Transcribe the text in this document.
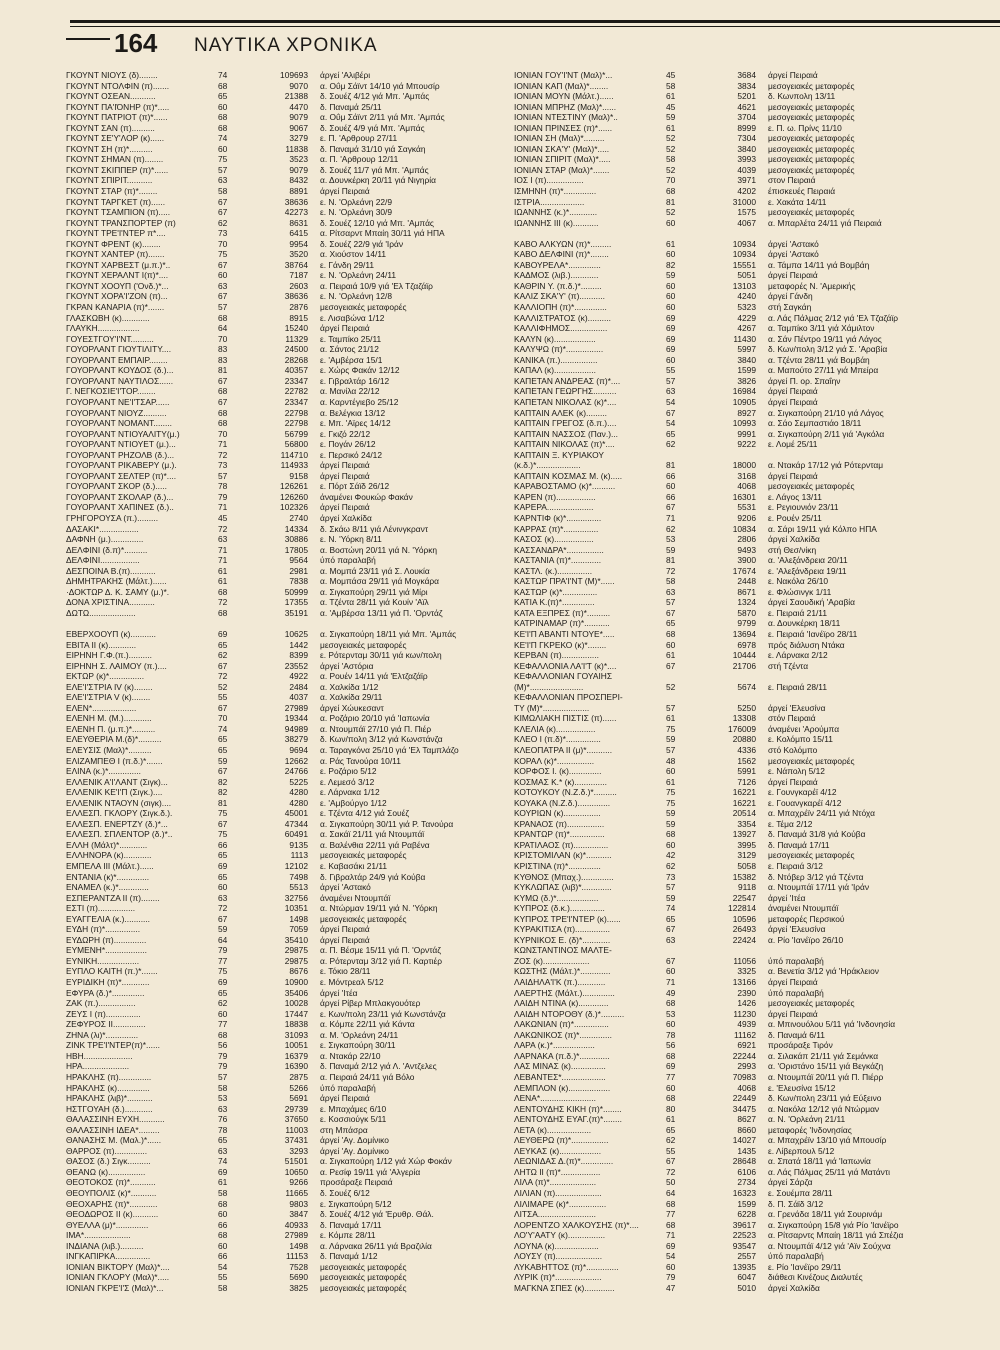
164 ΝΑΥΤΙΚΑ ΧΡΟΝΙΚΑ
ΓΚΟΥΝΤ ΝΙΟΥΣ (δ)........	74	109693	άργεί 'Αλιβέρι
ΓΚΟΥΝΤ ΝΤΟΛΦΙΝ (π).......	68	9070	α. Οΰμ Σάϊντ 14/10 γιά Μπουσίρ
ΓΚΟΥΝΤ ΟΣΕΑΝ...........	65	21388	δ. Σουέζ 4/12 γιά Μπ. 'Αμπάς
ΓΚΟΥΝΤ ΠΑ'ΙΌΝΗΡ (π)*.....	60	4470	δ. Παναμά 25/11
ΓΚΟΥΝΤ ΠΑΤΡΙΟΤ (π)*......	68	9079	α. Οΰμ Σάϊντ 2/11 γιά Μπ. 'Αμπάς
ΓΚΟΥΝΤ ΣΑΝ (π)..........	68	9067	δ. Σουέζ 4/9 γιά Μπ. 'Αμπάς
ΓΚΟΥΝΤ ΣΕ'Υ'ΛΟΡ (κ)......	74	3279	ε. Π. 'Αρθρουρ 27/11
ΓΚΟΥΝΤ ΣΗ (π)*..........	60	11838	δ. Παναμά 31/10 γιά Σαγκάη
ΓΚΟΥΝΤ ΣΗΜΑΝ (π)........	75	3523	α. Π. 'Αρθρουρ 12/11
ΓΚΟΥΝΤ ΣΚΙΠΠΕΡ (π)*......	57	9079	δ. Σουέζ 11/7 γιά Μπ. 'Αμπάς
ΓΚΟΥΝΤ ΣΠΙΡΙΤ...........	63	8432	α. Δουνκέρκη 20/11 γιά Νιγηρία
ΓΚΟΥΝΤ ΣΤΑΡ (π)*........	58	8891	άργεί Πειραιά
ΓΚΟΥΝΤ ΤΑΡΓΚΕΤ (π)......	67	38636	ε. Ν. 'Ορλεάνη 22/9
ΓΚΟΥΝΤ ΤΣΑΜΠΙΟΝ (π).....	67	42273	ε. Ν. 'Ορλεάνη 30/9
ΓΚΟΥΝΤ ΤΡΑΝΣΠΟΡΤΕΡ (π)	62	8631	δ. Σουέζ 12/10 γιά Μπ. 'Αμπάς
ΓΚΟΥΝΤ ΤΡΕ'Ι'ΝΤΕΡ π*....	73	6415	α. Ρίτσαρντ Μπαίη 30/11 γιά ΗΠΑ
ΓΚΟΥΝΤ ΦΡΕΝΤ (κ)........	70	9954	δ. Σουέζ 22/9 γιά 'Ιράν
ΓΚΟΥΝΤ ΧΑΝΤΕΡ (π).......	75	3520	α. Χιούστον 14/11
ΓΚΟΥΝΤ ΧΑΡΒΕΣΤ (μ.π.)*..	67	38764	ε. Γάνδη 29/11
ΓΚΟΥΝΤ ΧΕΡΑΛΝΤ Ι(π)*....	60	7187	ε. Ν. 'Ορλεάνη 24/11
ΓΚΟΥΝΤ ΧΟΟΥΠ ('Ονδ.)*...	63	2603	α. Πειραιά 10/9 γιά 'Ελ Τζαζάϊρ
ΓΚΟΥΝΤ ΧΟΡΑ'Ι'ΖΟΝ (π)...	67	38636	ε. Ν. 'Ορλεάνη 12/8
ΓΚΡΑΝ ΚΑΝΑΡΙΑ (π)*.......	57	2876	μεσογειακές μεταφορές
ΓΛΑΣΚΩΒΗ (κ)............	68	8915	ε. Λισαβώνα 1/12
ΓΛΑΥΚΗ..................	64	15240	άργεί Πειραιά
ΓΟΥΕΣΤΓΟΥ'Ι'ΝΤ..........	70	11329	ε. Ταμπίκο 25/11
ΓΟΥΟΡΛΑΝΤ ΓΙΟΥΤΙΛΙΤΥ....	83	24500	α. Σάντος 21/12
ΓΟΥΟΡΛΑΝΤ ΕΜΠΑΙΡ........	83	28268	ε. 'Αμβέρσα 15/1
ΓΟΥΟΡΛΑΝΤ ΚΟΥΔΟΣ (δ.)...	81	40357	ε. Χώρς Φακάν 12/12
ΓΟΥΟΡΛΑΝΤ ΝΑΥΤΙΛΟΣ......	67	23347	ε. Γιβραλτάρ 16/12
Γ. ΝΕΓΚΟΣΙΕ'Ι'ΤΟΡ........	68	22782	α. Μανίλα 22/12
ΓΟΥΟΡΛΑΝΤ ΝΕ'Ι'ΤΣΑΡ......	67	23347	α. Καρντέγιεβο 25/12
ΓΟΥΟΡΛΑΝΤ ΝΙΟΥΖ..........	68	22798	α. Βελέγκια 13/12
ΓΟΥΟΡΛΑΝΤ ΝΟΜΑΝΤ........	68	22798	ε. Μπ. 'Αϊρες 14/12
ΓΟΥΟΡΛΑΝΤ ΝΤΙΟΥΑΛΙΤΥ(μ.)	70	56799	ε. Γκιζό 22/12
ΓΟΥΟΡΛΑΝΤ ΝΤΙΟΥΕΤ (μ.)...	71	56800	ε. Πογάν 26/12
ΓΟΥΟΡΛΑΝΤ ΡΗΖΟΛΒ (δ.)...	72	114710	ε. Περσικό 24/12
ΓΟΥΟΡΛΑΝΤ ΡΙΚΑΒΕΡΥ (μ.).	73	114933	άργεί Πειραιά
ΓΟΥΟΡΛΑΝΤ ΣΕΛΤΕΡ (π)*....	57	9158	άργεί Πειραιά
ΓΟΥΟΡΛΑΝΤ ΣΚΟΡ (δ.).....	78	126261	ε. Πόρτ Σάϊδ 26/12
ΓΟΥΟΡΛΑΝΤ ΣΚΟΛΑΡ (δ.)...	79	126260	άναμένει Φουκώρ Φακάν
ΓΟΥΟΡΛΑΝΤ ΧΑΠΙΝΕΣ (δ.)..	71	102326	άργεί Πειραιά
ΓΡΗΓΟΡΟΥΣΑ (π.).........	45	2740	άργεί Χαλκίδα
ΔΑΣΑΚΙ*.................	72	14334	δ. Σκάω 8/11 γιά Λένινγκραντ
ΔΑΦΝΗ (μ.)..............	63	30886	ε. Ν. 'Υόρκη 8/11
ΔΕΛΦΙΝΙ (δ.π)*..........	71	17805	α. Βοστώνη 20/11 γιά Ν. 'Υόρκη
ΔΕΛΦΙΝΙ.................	71	9564	ύπό παραλαβή
ΔΕΣΠΟΙΝΑ Β.(π)...........	61	2981	α. Μομπά 23/11 γιά Σ. Λουκία
ΔΗΜΗΤΡΑΚΗΣ (Μάλτ.)......	61	7838	α. Μομπάσα 29/11 γιά Μογκάρα
·ΔΟΚΤΩΡ Δ. Κ. ΣΑΜΥ (μ.)*.	68	50999	α. Σιγκαπούρη 29/11 γιά Μίρι
ΔΟΝΑ ΧΡΙΣΤΙΝΑ...........	72	17355	α. Τζέντα 28/11 γιά Κουίν 'Αϊλ
ΔΩΤΩ....................	68	35191	α. 'Αμβέρσα 13/11 γιά Π. 'Ορντάζ
ΕΒΕΡΧΟΟΥΠ (κ)...........	69	10625	α. Σιγκαπούρη 18/11 γιά Μπ. 'Αμπάς
ΕΒΙΤΑ ΙΙ (κ)............	65	1442	μεσογειακές μεταφορές
ΕΙΡΗΝΗ Γ.Φ.(π.)..........	62	8399	ε. Ρότερνταμ 30/11 γιά κων/πολη
ΕΙΡΗΝΗ Σ. ΛΑΙΜΟΥ (π.)....	67	23552	άργεί 'Αστόρια
ΕΚΤΩΡ (κ)*...............	72	4922	α. Ρουέν 14/11 γιά 'Ελτζαζάϊρ
ΕΛΕ'Ι'ΣΤΡΙΑ IV (κ)........	52	2484	α. Χαλκίδα 1/12
ΕΛΕ'Ι'ΣΤΡΙΑ V (κ)........	55	4037	α. Χαλκίδα 29/11
ΕΛΕΝ*...................	67	27989	άργεί Χώυκεσαντ
ΕΛΕΝΗ Μ. (Μ.)............	70	19344	α. Ροζάριο 20/10 γιά 'Ιαπωνία
ΕΛΕΝΗ Π. (μ.π.)*..........	74	94989	α. Ντουμπάϊ 27/10 γιά Π. Πιέρ
ΕΛΕΥΘΕΡΙΑ Μ.(δ)*..........	65	38279	δ. Κων/πολη 3/12 γιά Κωνστάνζα
ΕΛΕΥΣΙΣ (Μαλ)*..........	65	9694	α. Ταραγκόνα 25/10 γιά 'Ελ Ταμπλάζο
ΕΛΙΖΑΜΠΕΘ Ι (π.δ.)*.......	59	12662	α. Ράς Τανούρα 10/11
ΕΛΙΝΑ (κ.)*..............	67	24766	ε. Ροζάριο 5/12
ΕΛΛΕΝΙΚ Α'Ι'ΛΑΝΤ (Σιγκ)...	82	5225	ε. Λεμεσό 3/12
ΕΛΛΕΝΙΚ ΚΕ'Ι'Π (Σιγκ.)....	82	4280	ε. Λάρνακα 1/12
ΕΛΛΕΝΙΚ ΝΤΑΟΥΝ (σιγκ)....	81	4280	ε. 'Αμβούργο 1/12
ΕΛΛΕΣΠ. ΓΚΛΟΡΥ (Σιγκ.δ.).	75	45001	ε. Τζέντα 4/12 γιά Σουέζ
ΕΛΛΕΣΠ. ΕΝΕΡΤΖΥ (δ.)*...	67	47344	α. Σιγκαπούρη 30/11 γιά Ρ. Τανούρα
ΕΛΛΕΣΠ. ΣΠΛΕΝΤΟΡ (δ.)*..	75	60491	α. Σακάϊ 21/11 γιά Ντουμπάϊ
ΕΛΛΗ (Μάλτ)*............	66	9135	α. Βαλένθια 22/11 γιά Ραβένα
ΕΛΛΗΝΟΡΑ (κ)............	65	1113	μεσογειακές μεταφορές
ΕΜΠΕΛΑ III (Μάλτ.)......	69	12102	ε. Καβασάκι 21/11
ΕΝΤΑΝΙΑ (κ)*..............	65	7498	δ. Γιβραλτάρ 24/9 γιά Κούβα
ΕΝΑΜΕΛ (κ.)*.............	60	5513	άργεί 'Αστακό
ΕΣΠΕΡΑΝΤΖΑ ΙΙ (π)........	63	32756	άναμένει Ντουμπάϊ
ΕΣΤΙ (π)................	72	10351	α. Ντώρμαν 19/11 γιά Ν. 'Υόρκη
ΕΥΑΓΓΕΛΙΑ (κ.)...........	67	1498	μεσογειακές μεταφορές
ΕΥΔΗ (π)*...............	59	7059	άργεί Πειραιά
ΕΥΔΩΡΗ (π)..............	64	35410	άργεί Πειραιά
ΕΥΜΕΝΗ*..................	79	29875	α. Π. Βέσμε 15/11 γιά Π. 'Ορντάζ
ΕΥΝΙΚΗ..................	77	29875	α. Ρότερνταμ 3/12 γιά Π. Καρτιέρ
ΕΥΠΛΟ ΚΑΙΤΗ (π.)*.......	75	8676	ε. Τόκιο 28/11
ΕΥΡΙΔΙΚΗ (π)*............	69	10900	ε. Μόντρεαλ 5/12
ΕΦΥΡΑ (δ.)*..............	65	35406	άργεί 'Ιτέα
ΖΑΚ (π.)................	62	10028	άργεί Ρίβερ Μπλακγουότερ
ΖΕΥΣ Ι (π)...............	60	17447	ε. Κων/πολη 23/11 γιά Κωνστάνζα
ΖΕΦΥΡΟΣ ΙΙ..............	77	18838	α. Κόμπε 22/11 γιά Κάντα
ΖΗΝΑ (λι)*..............	68	31093	α. Μ. 'Ορλεάνη 24/11
ΖΙΝΚ ΤΡΕ'Ι'ΝΤΕΡ(π)*......	56	10051	ε. Σιγκαπούρη 30/11
ΗΒΗ.....................	79	16379	α. Ντακάρ 22/10
ΗΡΑ....................	79	16390	δ. Παναμά 2/12 γιά Λ. 'Αντζελες
ΗΡΑΚΛΗΣ (π)..............	57	2875	α. Πειραιά 24/11 γιά Βόλο
ΗΡΑΚΛΗΣ (κ)..............	58	5266	ύπό παραλαβή
ΗΡΑΚΛΗΣ (λιβ)*...........	53	5691	άργεί Πειραιά
ΗΣΤΓΟΥΑΗ (δ.)............	63	29739	ε. Μπαχάμες 6/10
ΘΑΛΑΣΣΙΝΗ ΕΥΧΗ...........	76	37650	ε. Κοσσιούγκ 5/11
ΘΑΛΑΣΣΙΝΗ ΙΔΕΑ*.........	78	11003	στη Μπάσρα
ΘΑΝΑΣΗΣ Μ. (Μαλ.)*......	65	37431	άργεί 'Αγ. Δομίνικο
ΘΑΡΡΟΣ (π)..............	63	3293	άργεί 'Αγ. Δομίνικο
ΘΑΣΟΣ (δ.) Σιγκ..........	74	51501	α. Σιγκαπούρη 1/12 γιά Χώρ Φοκάν
ΘΕΑΝΩ (κ)................	69	10650	α. Ρεσίφ 19/11 γιά 'Αλγερία
ΘΕΟΤΟΚΟΣ (π)*...........	61	9266	προσάραξε Πειραιά
ΘΕΟΥΠΟΛΙΣ (κ)*...........	58	11665	δ. Σουέζ 6/12
ΘΕΟΧΑΡΗΣ (π)*............	68	9803	ε. Σιγκαπούρη 5/12
ΘΕΟΔΩΡΟΣ ΙΙ (κ)...........	60	3847	δ. Σουέζ 4/12 γιά 'Ερυθρ. Θάλ.
ΘΥΕΛΛΑ (μ)*..............	66	40933	δ. Παναμά 17/11
ΙΜΑ*....................	68	27989	ε. Κόμπε 28/11
ΙΝΔΙΑΝΑ (λιβ.)..........	60	1498	α. Λάρνακα 26/11 γιά Βραζιλία
ΙΝΓΚΑΠΙΡΚΑ...............	66	11153	δ. Παναμά 1/12
ΙΟΝΙΑΝ ΒΙΚΤΟΡΥ (Μαλ)*....	54	7528	μεσογειακές μεταφορές
ΙΟΝΙΑΝ ΓΚΛΟΡΥ (Μαλ)*.....	55	5690	μεσογειακές μεταφορές
ΙΟΝΙΑΝ ΓΚΡΕ'Ι'Σ (Μαλ)*...	58	3825	μεσογειακές μεταφορές
ΙΟΝΙΑΝ ΓΟΥ'Ι'ΝΤ (Μαλ)*...	45	3684	άργεί Πειραιά
ΙΟΝΙΑΝ ΚΑΠ (Μαλ)*........	58	3834	μεσογειακές μεταφορές
ΙΟΝΙΑΝ ΜΟΥΝ (Μάλτ.)......	61	5201	δ. Κωνπολη 13/11
ΙΟΝΙΑΝ ΜΠΡΗΖ (Μαλ)*......	45	4621	μεσογειακές μεταφορές
ΙΟΝΙΑΝ ΝΤΕΣΤΙΝΥ (Μαλ)*..	59	3704	μεσογειακές μεταφορές
ΙΟΝΙΑΝ ΠΡΙΝΣΕΣ (π)*......	61	8999	ε. Π. ω. Πρίνς 11/10
ΙΟΝΙΑΝ ΣΗ (Μαλ)*.........	52	7304	μεσογειακές μεταφορές
ΙΟΝΙΑΝ ΣΚΑ'Υ' (Μαλ)*.....	52	3840	μεσογειακές μεταφορές
ΙΟΝΙΑΝ ΣΠΙΡΙΤ (Μαλ)*.....	58	3993	μεσογειακές μεταφορές
ΙΟΝΙΑΝ ΣΤΑΡ (Μαλ)*.......	52	4039	μεσογειακές μεταφορές
ΙΟΣ Ι (π)................	70	3971	στον Πειραιά
ΙΣΜΗΝΗ (π)*..............	68	4202	έπισκευές Πειραιά
ΙΣΤΡΙΑ...................	81	31000	ε. Χακάτα 14/11
ΙΩΑΝΝΗΣ (κ.)*............	52	1575	μεσογειακές μεταφορές
ΙΩΑΝΝΗΣ ΙΙΙ (κ)...........	60	4067	α. Μπαρλέτα 24/11 γιά Πειραιά
ΚΑΒΟ ΑΛΚΥΩΝ (π)*.........	61	10934	άργεί 'Αστακό
ΚΑΒΟ ΔΕΛΦΙΝΙ (π)*........	60	10934	άργεί 'Αστακό
ΚΑΒΟΥΡΕΛΑ*..............	82	15551	α. Τάμπα 14/11 γιά Βομβάη
ΚΑΔΜΟΣ (λιβ.)............	59	5051	άργεί Πειραιά
ΚΑΘΡΙΝ Υ. (π.δ.)*.........	60	13103	μεταφορές Ν. 'Αμερικής
ΚΑΛΙΖ ΣΚΑ'Υ' (π)...........	60	4240	άργεί Γάνδη
ΚΑΛΛΙΟΠΗ (π)*..............	60	5323	στή Σαγκάη
ΚΑΛΛΙΣΤΡΑΤΟΣ (κ)..........	69	4229	α. Λάς Πάλμας 2/12 γιά 'Ελ Τζαζάϊρ
ΚΑΛΛΙΦΗΜΟΣ................	69	4267	α. Ταμπίκο 3/11 γιά Χάμιλτον
ΚΑΛΥΝ (κ)..................	69	11430	α. Σάν Πέντρο 19/11 γιά Λάγος
ΚΑΛΥΨΩ (π)*................	69	5997	δ. Κων/πολη 3/12 γιά Σ. 'Αραβία
ΚΑΝΙΚΑ (π.)................	60	3840	α. Τζέντα 28/11 γιά Βομβάη
ΚΑΠΑΛ (κ)..................	55	1599	α. Μαπούτο 27/11 γιά Μπείρα
ΚΑΠΕΤΑΝ ΑΝΔΡΕΑΣ (π)*....	57	3826	άργεί Π. ορ. Σπαΐην
ΚΑΠΕΤΑΝ ΓΕΩΡΓΗΣ..........	63	16984	άργεί Πειραιά
ΚΑΠΕΤΑΝ ΝΙΚΟΛΑΣ (κ)*....	54	10905	άργεί Πειραιά
ΚΑΠΤΑΙΝ ΑΛΕΚ (κ).........	67	8927	α. Σιγκαπούρη 21/10 γιά Λάγος
ΚΑΠΤΑΙΝ ΓΡΕΓΟΣ (δ.π.)....	54	10993	α. Σάο Σεμπαστιάο 18/11
ΚΑΠΤΑΙΝ ΝΑΣΣΟΣ (Παν.)...	65	9991	α. Σιγκαπούρη 2/11 γιά 'Αγκόλα
ΚΑΠΤΑΙΝ ΝΙΚΟΛΑΣ (π)*....	62	9222	ε. Λομέ 25/11
ΚΑΠΤΑΙΝ Ξ. ΚΥΡΙΑΚΟΥ
(κ.δ.)*...................	81	18000	α. Ντακάρ 17/12 γιά Ρότερνταμ
ΚΑΠΤΑΙΝ ΚΟΣΜΑΣ Μ. (κ).....	66	3168	άργεί Πειραιά
ΚΑΡΑΒΟΣΤΑΜΟ (κ)*..........	60	4068	μεσογειακές μεταφορές
ΚΑΡΕΝ (π).................	66	16301	ε. Λάγος 13/11
ΚΑΡΕΡΑ....................	67	5531	ε. Ρεγιουνιόν 23/11
ΚΑΡΝΤΙΦ (κ)*...............	71	9206	ε. Ρουέν 25/11
ΚΑΡΡΑΣ (π)*...............	62	10834	α. Σάρι 19/11 γιά Κόλπο ΗΠΑ
ΚΑΣΟΣ (κ).................	53	2806	άργεί Χαλκίδα
ΚΑΣΣΑΝΔΡΑ*................	59	9493	στή Θεσ/νίκη
ΚΑΣΤΑΝΙΑ (π)*.............	81	3900	α. 'Αλεξάνδρεια 20/11
ΚΑΣΤΛ. (κ.)...............	72	17674	ε. 'Αλεξάνδρεια 19/11
ΚΑΣΤΩΡ ΠΡΑ'Ι'ΝΤ (Μ)*......	58	2448	ε. Νακόλα 26/10
ΚΑΣΤΩΡ (κ)*...............	63	8671	ε. Φλώσινγκ 1/11
ΚΑΤΙΑ Κ.(π)*..............	57	1324	άργεί Σαουδική 'Αραβία
ΚΑΤΑ ΕΞΠΡΕΣ (π)*..........	67	5870	ε. Πειραιά 21/11
ΚΑΤΡΙΝΑΜΑΡ (π)*...........	65	9799	α. Δουνκέρκη 18/11
ΚΕ'Ι'Π ΑΒΑΝΤΙ ΝΤΟΥΕ*.....	68	13694	ε. Πειραιά 'Ιανέϊρο 28/11
ΚΕ'Ι'Π ΓΚΡΕΚΟ (κ)*........	60	6978	πρός διάλυση Ντάκα
ΚΕΡΒΑΝ (π)................	61	10444	ε. Λάρνακα 2/12
ΚΕΦΑΛΛΟΝΙΑ ΛΑ'Ι'Τ (κ)*....	67	21706	στή Τζέντα
ΚΕΦΑΛΛΟΝΙΑΝ ΓΟΥΑΙΗΣ
(Μ)*.......................	52	5674	ε. Πειραιά 28/11
ΚΕΦΑΛΛΟΝΙΑΝ ΠΡΟΣΠΕΡΙ-
ΤΥ (Μ)*....................	57	5250	άργεί 'Ελευσίνα
ΚΙΜΩΛΙΑΚΗ ΠΙΣΤΙΣ (π)......	61	13308	στόν Πειραιά
ΚΛΕΛΙΑ (κ).................	75	176009	άναμένει 'Αρούμπα
ΚΛΕΟ Ι (π.δ)*...............	59	20880	ε. Κολόμπο 15/11
ΚΛΕΟΠΑΤΡΑ ΙΙ (μ)*...........	57	4336	στό Κολόμπο
ΚΟΡΑΛ (κ)*................	48	1562	μεσογειακές μεταφορές
ΚΟΡΦΟΣ Ι. (κ)..............	60	5991	ε. Νάπολη 5/12
ΚΟΣΜΑΣ Κ.* (κ)..............	61	7126	άργεί Πειραιά
ΚΟΤΟΥΚΟΥ (Ν.Ζ.δ.)*..........	75	16221	ε. Γουνγκαρέϊ 4/12
ΚΟΥΑΚΑ (Ν.Ζ.δ.)..............	75	16221	ε. Γουανγκαρέϊ 4/12
ΚΟΥΡΙΩΝ (κ)................	59	20514	α. Μπαχρέϊν 24/11 γιά Ντόχα
ΚΡΑΝΑΟΣ (π)................	59	3354	ε. Τέμα 2/12
ΚΡΑΝΤΩΡ (π)*...............	68	13927	δ. Παναμά 31/8 γιά Κούβα
ΚΡΑΤΙΛΑΟΣ (π)...............	60	3995	δ. Παναμά 17/11
ΚΡΙΣΤΟΜΙΛΑΝ (κ)*...........	42	3129	μεσογειακές μεταφορές
ΚΡΙΣΤΙΝΑ (π)*..............	62	5058	ε. Πειραιά 3/12
ΚΥΘΝΟΣ (Μπαχ.)..............	73	15382	δ. Ντόβερ 3/12 γιά Τζέντα
ΚΥΚΛΩΠΑΣ (λιβ)*.............	57	9118	α. Ντουμπάϊ 17/11 γιά 'Ιράν
ΚΥΜΩ (δ.)*..................	59	22547	άργεί 'Ιτέα
ΚΥΠΡΟΣ (δ.κ.)...............	74	122814	άναμένει Ντουμπάϊ
ΚΥΠΡΟΣ ΤΡΕ'Ι'ΝΤΕΡ (κ)......	65	10596	μεταφορές Περσικού
ΚΥΡΑΚΙΤΙΣΑ (π)...............	67	26493	άργεί 'Ελευσίνα
ΚΥΡΝΙΚΟΣ Ε. (δ)*............	63	22424	α. Ρίο 'Ιανέϊρο 26/10
ΚΩΝΣΤΑΝΤΙΝΟΣ ΜΑΛΤΕ-
ΖΟΣ (κ)....................	67	11056	ύπό παραλαβή
ΚΩΣΤΗΣ (Μάλτ.)*.............	60	3325	α. Βενετία 3/12 γιά 'Ηράκλειον
ΛΑΙΔΗΛΑ'Ι'Κ (π.)............	71	13166	άργεί Πειραιά
ΛΑΕΡΤΗΣ (Μάλτ.)..............	49	2390	ύπό παραλαβή
ΛΑΙΔΗ ΝΤΙΝΑ (κ).............	68	1426	μεσογειακές μεταφορές
ΛΑΙΔΗ ΝΤΟΡΟΘΥ (δ.)*..........	53	11230	άργεί Πειραιά
ΛΑΚΩΝΙΑΝ (π)*...............	60	4939	α. Μπινουόλου 5/11 γιά 'Ινδονησία
ΛΑΚΩΝΙΚΟΣ (π)*..............	78	11162	δ. Παναμά 6/11
ΛΑΡΑ (κ.)*..................	56	6921	προσάραξε Τιρόν
ΛΑΡΝΑΚΑ (π.δ.)*.............	68	22244	α. Σιλακάπ 21/11 γιά Σεμάνκα
ΛΑΣ ΜΙΝΑΣ (κ)...............	69	2993	α. 'Οριστάνο 15/11 γιά Βεγκάζη
ΛΕΒΑΝΤΕΣ*...................	77	70983	α. Ντουμπάϊ 20/11 γιά Π. Πιέρρ
ΛΕΜΠΛΟΝ (κ)..................	60	4068	ε. 'Ελευσίνα 15/12
ΛΕΝΑ*........................	68	22449	δ. Κων/πολη 23/11 γιά Εύξεινο
ΛΕΝΤΟΥΔΗΣ ΚΙΚΗ (π)*........	80	34475	α. Νακόλα 12/12 γιά Ντώρμαν
ΛΕΝΤΟΥΔΗΣ ΕΥΑΓ.(π)*........	61	8627	α. Ν. 'Ορλεάνη 21/11
ΛΕΤΑ (κ)...................	65	8660	μεταφορές 'Ινδονησίας
ΛΕΥΘΕΡΩ (π)*................	62	14027	α. Μπαχρέϊν 13/10 γιά Μπουσίρ
ΛΕΥΚΑΣ (κ)..................	55	1435	ε. Λίβερπουλ 5/12
ΛΕΩΝΙΔΑΣ Δ.(π)*..............	67	28648	α. Σπατά 18/11 γιά 'Ιαπωνία
ΛΗΤΩ ΙΙ (π)*.................	72	6106	α. Λάς Πάλμας 25/11 γιά Ματάντι
ΛΙΛΑ (π)*....................	50	2734	άργεί Σάρζα
ΛΙΛΙΑΝ (π)....................	64	16323	ε. Σουέμπα 28/11
ΛΙΛΙΜΑΡΕ (κ)*................	68	1599	δ. Π. Σάϊδ 3/12
ΛΙΤΣΑ.........................	77	6228	α. Γρενάδα 18/11 γιά Σουρινάμ
ΛΟΡΕΝΤΖΟ ΧΑΛΚΟΥΣΗΣ (π)*....	68	39617	α. Σιγκαπούρη 15/8 γιά Ρίο 'Ιανέϊρο
ΛΟ'Υ'ΑΑΤΥ (κ)................	71	22523	α. Ρίτσαρντς Μπαίη 18/11 γιά Σπέζια
ΛΟΥΝΑ (κ)...................	69	93547	α. Ντουμπάϊ 4/12 γιά 'Αϊν Σούχνα
ΛΟΥΣΥ (π)....................	54	2557	ύπό παραλαβή
ΛΥΚΑΒΗΤΤΟΣ (π)*..............	60	13935	ε. Ρίο 'Ιανέϊρο 29/11
ΛΥΡΙΚ (π)*....................	79	6047	διάθεσι Κινέζους Διαλυτές
ΜΑΓΚΝΑ ΣΠΕΣ (κ).............	47	5010	άργεί Χαλκίδα
